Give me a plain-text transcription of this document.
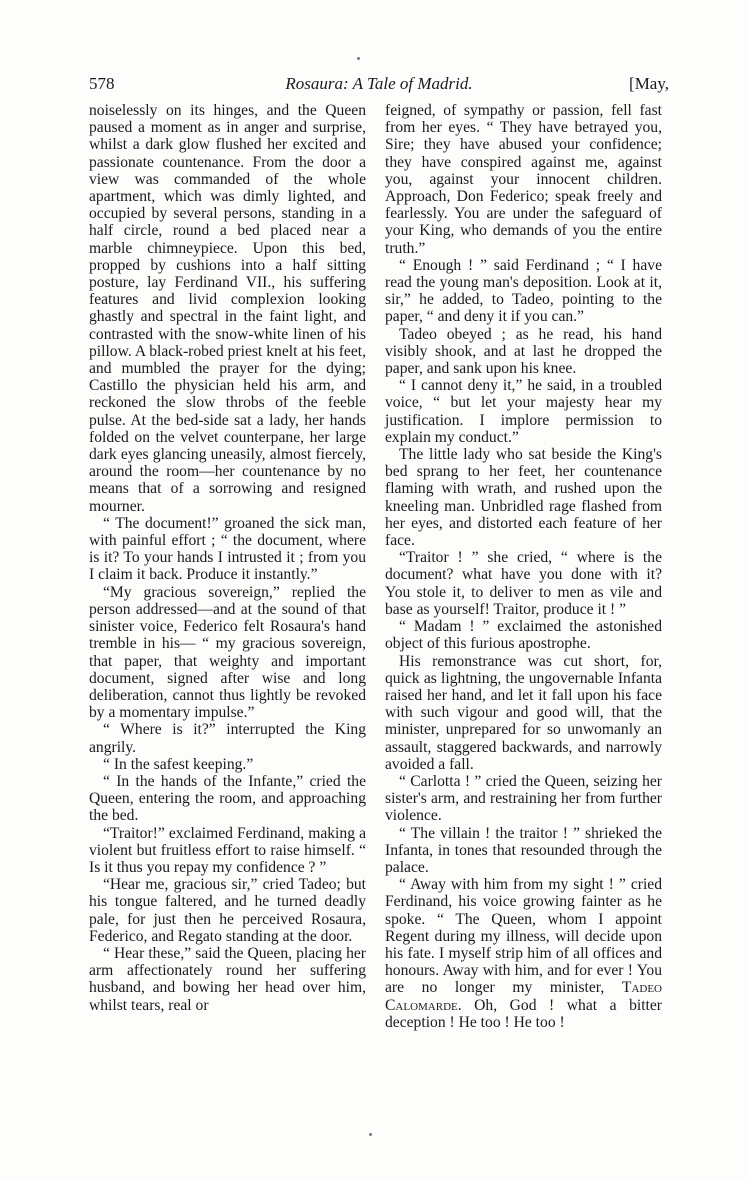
578	Rosaura: A Tale of Madrid.	[May,

noiselessly on its hinges, and the Queen paused a moment as in anger and surprise, whilst a dark glow flushed her excited and passionate countenance. From the door a view was commanded of the whole apartment, which was dimly lighted, and occupied by several persons, standing in a half circle, round a bed placed near a marble chimneypiece. Upon this bed, propped by cushions into a half sitting posture, lay Ferdinand VII., his suffering features and livid complexion looking ghastly and spectral in the faint light, and contrasted with the snow-white linen of his pillow. A black-robed priest knelt at his feet, and mumbled the prayer for the dying; Castillo the physician held his arm, and reckoned the slow throbs of the feeble pulse. At the bed-side sat a lady, her hands folded on the velvet counterpane, her large dark eyes glancing uneasily, almost fiercely, around the room—her countenance by no means that of a sorrowing and resigned mourner.

“ The document!” groaned the sick man, with painful effort ; “ the document, where is it? To your hands I intrusted it ; from you I claim it back. Produce it instantly.”

“My gracious sovereign,” replied the person addressed—and at the sound of that sinister voice, Federico felt Rosaura's hand tremble in his— “ my gracious sovereign, that paper, that weighty and important document, signed after wise and long deliberation, cannot thus lightly be revoked by a momentary impulse.”

“ Where is it?” interrupted the King angrily.

“ In the safest keeping.”

“ In the hands of the Infante,” cried the Queen, entering the room, and approaching the bed.

“Traitor!” exclaimed Ferdinand, making a violent but fruitless effort to raise himself. “ Is it thus you repay my confidence ? ”

“Hear me, gracious sir,” cried Tadeo; but his tongue faltered, and he turned deadly pale, for just then he perceived Rosaura, Federico, and Regato standing at the door.

“ Hear these,” said the Queen, placing her arm affectionately round her suffering husband, and bowing her head over him, whilst tears, real or

feigned, of sympathy or passion, fell fast from her eyes. “ They have betrayed you, Sire; they have abused your confidence; they have conspired against me, against you, against your innocent children. Approach, Don Federico; speak freely and fearlessly. You are under the safeguard of your King, who demands of you the entire truth.”

“ Enough ! ” said Ferdinand ; “ I have read the young man's deposition. Look at it, sir,” he added, to Tadeo, pointing to the paper, “ and deny it if you can.”

Tadeo obeyed ; as he read, his hand visibly shook, and at last he dropped the paper, and sank upon his knee.

“ I cannot deny it,” he said, in a troubled voice, “ but let your majesty hear my justification. I implore permission to explain my conduct.”

The little lady who sat beside the King's bed sprang to her feet, her countenance flaming with wrath, and rushed upon the kneeling man. Unbridled rage flashed from her eyes, and distorted each feature of her face.

“Traitor ! ” she cried, “ where is the document? what have you done with it? You stole it, to deliver to men as vile and base as yourself! Traitor, produce it ! ”

“ Madam ! ” exclaimed the astonished object of this furious apostrophe.

His remonstrance was cut short, for, quick as lightning, the ungovernable Infanta raised her hand, and let it fall upon his face with such vigour and good will, that the minister, unprepared for so unwomanly an assault, staggered backwards, and narrowly avoided a fall.

“ Carlotta ! ” cried the Queen, seizing her sister's arm, and restraining her from further violence.

“ The villain ! the traitor ! ” shrieked the Infanta, in tones that resounded through the palace.

“ Away with him from my sight ! ” cried Ferdinand, his voice growing fainter as he spoke. “ The Queen, whom I appoint Regent during my illness, will decide upon his fate. I myself strip him of all offices and honours. Away with him, and for ever ! You are no longer my minister, Tadeo Calomarde. Oh, God ! what a bitter deception ! He too ! He too !
